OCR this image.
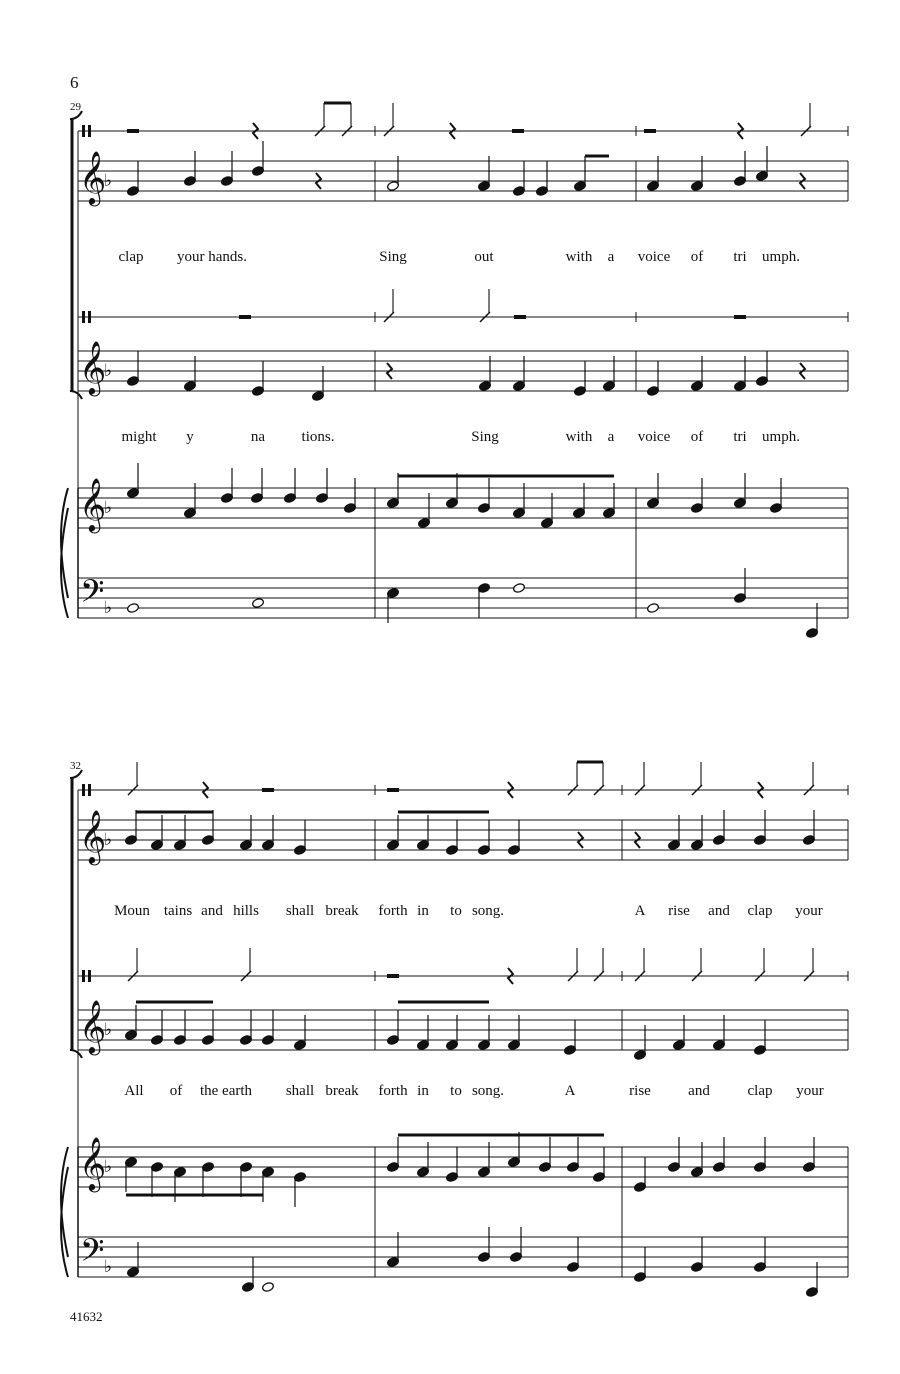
6
29
32
41632
clap your hands.	Sing	out	with a voice of tri umph.
might y	na tions.	Sing	with a voice of tri umph.
Moun tains and hills shall break forth in to song.	A rise and clap your
All of the earth shall break forth in to song.	A	rise and	clap your
𝄞
♭
𝄞
♭
𝄞
♭
𝄢 ♭
𝄞
♭
𝄞
♭
𝄞
♭
𝄢 ♭
